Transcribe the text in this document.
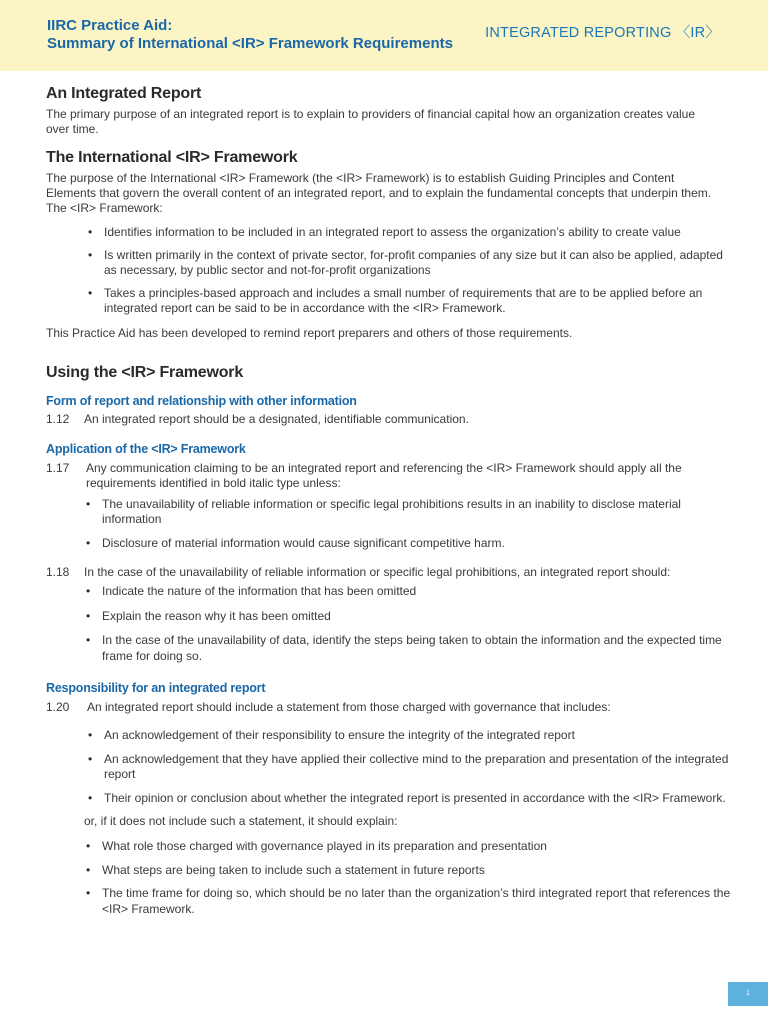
IIRC Practice Aid:
Summary of International <IR> Framework Requirements
INTEGRATED REPORTING 〈IR〉
An Integrated Report

The primary purpose of an integrated report is to explain to providers of financial capital how an organization creates value over time.

The International <IR> Framework

The purpose of the International <IR> Framework (the <IR> Framework) is to establish Guiding Principles and Content Elements that govern the overall content of an integrated report, and to explain the fundamental concepts that underpin them. The <IR> Framework:

• Identifies information to be included in an integrated report to assess the organization’s ability to create value
• Is written primarily in the context of private sector, for-profit companies of any size but it can also be applied, adapted as necessary, by public sector and not-for-profit organizations
• Takes a principles-based approach and includes a small number of requirements that are to be applied before an integrated report can be said to be in accordance with the <IR> Framework.

This Practice Aid has been developed to remind report preparers and others of those requirements.

Using the <IR> Framework
Form of report and relationship with other information
1.12	An integrated report should be a designated, identifiable communication.
Application of the <IR> Framework
1.17	Any communication claiming to be an integrated report and referencing the <IR> Framework should apply all the requirements identified in bold italic type unless:
• The unavailability of reliable information or specific legal prohibitions results in an inability to disclose material information
• Disclosure of material information would cause significant competitive harm.
1.18	In the case of the unavailability of reliable information or specific legal prohibitions, an integrated report should:
• Indicate the nature of the information that has been omitted
• Explain the reason why it has been omitted
• In the case of the unavailability of data, identify the steps being taken to obtain the information and the expected time frame for doing so.
Responsibility for an integrated report
1.20	An integrated report should include a statement from those charged with governance that includes:
• An acknowledgement of their responsibility to ensure the integrity of the integrated report
• An acknowledgement that they have applied their collective mind to the preparation and presentation of the integrated report
• Their opinion or conclusion about whether the integrated report is presented in accordance with the <IR> Framework.

or, if it does not include such a statement, it should explain:

• What role those charged with governance played in its preparation and presentation
• What steps are being taken to include such a statement in future reports
• The time frame for doing so, which should be no later than the organization’s third integrated report that references the <IR> Framework.
1
